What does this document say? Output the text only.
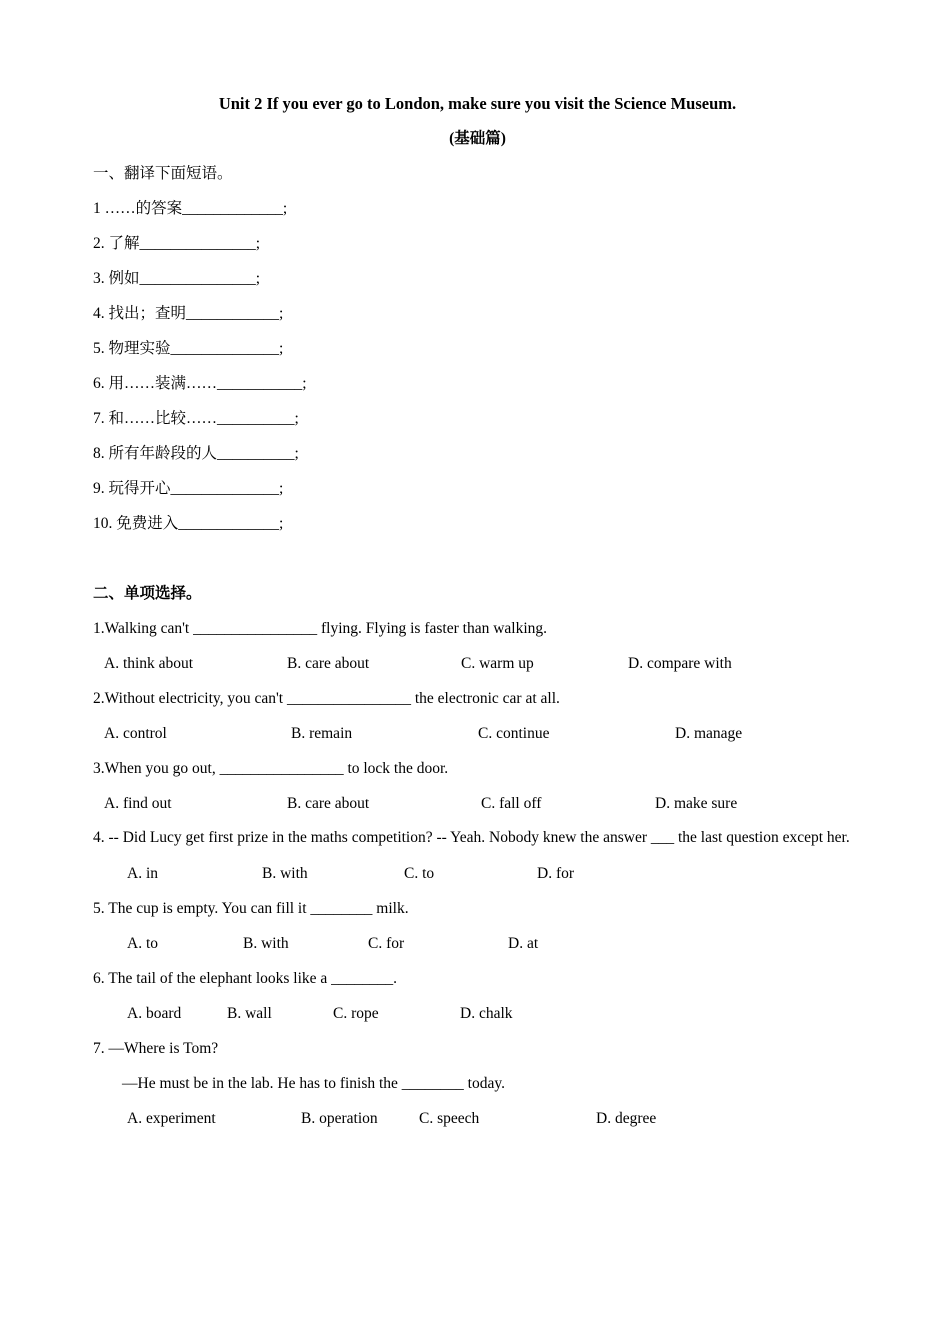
Unit 2 If you ever go to London, make sure you visit the Science Museum.
(基础篇)
一、翻译下面短语。
1 ……的答案_____________;
2. 了解_______________;
3. 例如_______________;
4. 找出；查明____________;
5. 物理实验______________;
6. 用……装满……___________;
7. 和……比较……__________;
8. 所有年龄段的人__________;
9. 玩得开心______________;
10. 免费进入_____________;
二、单项选择。
1.Walking can't ________________ flying. Flying is faster than walking.
A. think about	B. care about	C. warm up	D. compare with
2.Without electricity, you can't ________________ the electronic car at all.
A. control	B. remain	C. continue	D. manage
3.When you go out, ________________ to lock the door.
A. find out	B. care about	C. fall off	D. make sure
4. -- Did Lucy get first prize in the maths competition? -- Yeah. Nobody knew the answer ___ the last question except her.
A. in	B. with	C. to	D. for
5. The cup is empty. You can fill it ________ milk.
A. to	B. with	C. for	D. at
6. The tail of the elephant looks like a ________.
A. board	B. wall	C. rope	D. chalk
7. —Where is Tom?
—He must be in the lab. He has to finish the ________ today.
A. experiment	B. operation	C. speech	D. degree
